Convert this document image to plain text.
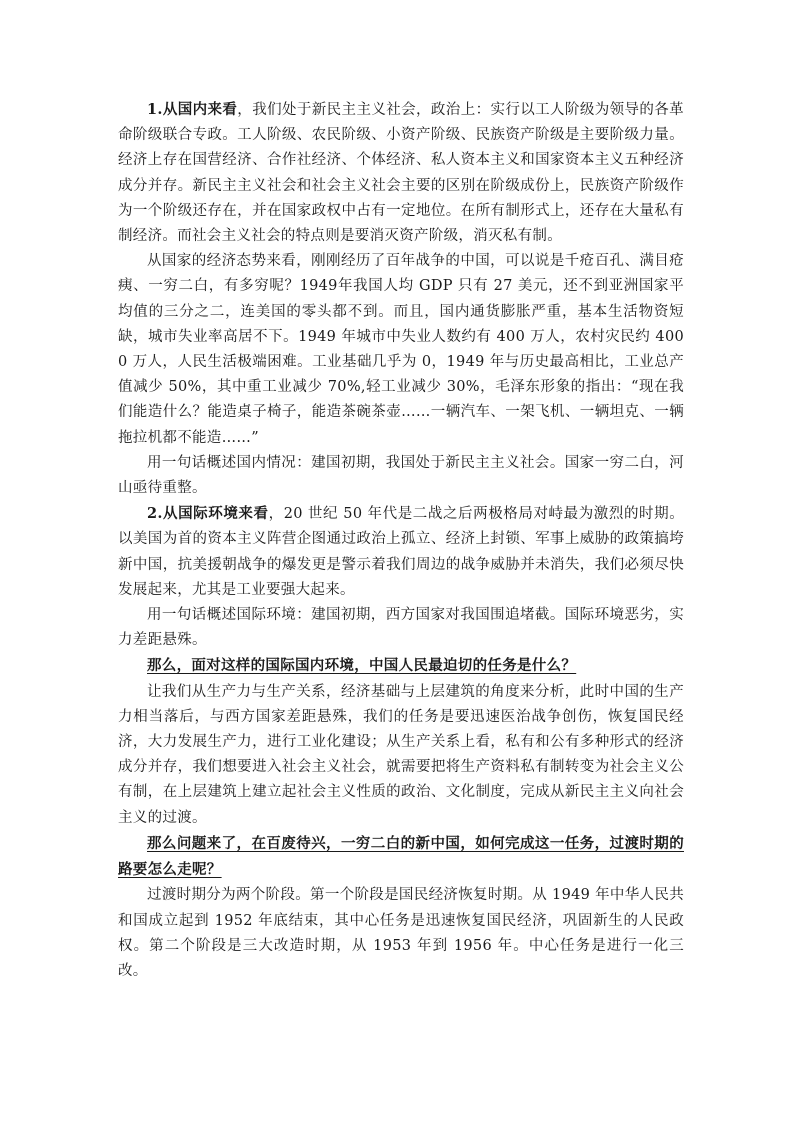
1.从国内来看，我们处于新民主主义社会，政治上：实行以工人阶级为领导的各革命阶级联合专政。工人阶级、农民阶级、小资产阶级、民族资产阶级是主要阶级力量。经济上存在国营经济、合作社经济、个体经济、私人资本主义和国家资本主义五种经济成分并存。新民主主义社会和社会主义社会主要的区别在阶级成份上，民族资产阶级作为一个阶级还存在，并在国家政权中占有一定地位。在所有制形式上，还存在大量私有制经济。而社会主义社会的特点则是要消灭资产阶级，消灭私有制。

从国家的经济态势来看，刚刚经历了百年战争的中国，可以说是千疮百孔、满目疮痍、一穷二白，有多穷呢？1949年我国人均 GDP 只有 27 美元，还不到亚洲国家平均值的三分之二，连美国的零头都不到。而且，国内通货膨胀严重，基本生活物资短缺，城市失业率高居不下。1949 年城市中失业人数约有 400 万人，农村灾民约 4000 万人，人民生活极端困难。工业基础几乎为 0，1949 年与历史最高相比，工业总产值减少 50%，其中重工业减少 70%,轻工业减少 30%，毛泽东形象的指出：“现在我们能造什么？能造桌子椅子，能造茶碗茶壶……一辆汽车、一架飞机、一辆坦克、一辆拖拉机都不能造……”

用一句话概述国内情况：建国初期，我国处于新民主主义社会。国家一穷二白，河山亟待重整。

2.从国际环境来看，20 世纪 50 年代是二战之后两极格局对峙最为激烈的时期。以美国为首的资本主义阵营企图通过政治上孤立、经济上封锁、军事上威胁的政策搞垮新中国，抗美援朝战争的爆发更是警示着我们周边的战争威胁并未消失，我们必须尽快发展起来，尤其是工业要强大起来。

用一句话概述国际环境：建国初期，西方国家对我国围追堵截。国际环境恶劣，实力差距悬殊。

那么，面对这样的国际国内环境，中国人民最迫切的任务是什么？

让我们从生产力与生产关系，经济基础与上层建筑的角度来分析，此时中国的生产力相当落后，与西方国家差距悬殊，我们的任务是要迅速医治战争创伤，恢复国民经济，大力发展生产力，进行工业化建设；从生产关系上看，私有和公有多种形式的经济成分并存，我们想要进入社会主义社会，就需要把将生产资料私有制转变为社会主义公有制，在上层建筑上建立起社会主义性质的政治、文化制度，完成从新民主主义向社会主义的过渡。

那么问题来了，在百废待兴，一穷二白的新中国，如何完成这一任务，过渡时期的路要怎么走呢？

过渡时期分为两个阶段。第一个阶段是国民经济恢复时期。从 1949 年中华人民共和国成立起到 1952 年底结束，其中心任务是迅速恢复国民经济，巩固新生的人民政权。第二个阶段是三大改造时期，从 1953 年到 1956 年。中心任务是进行一化三改。
